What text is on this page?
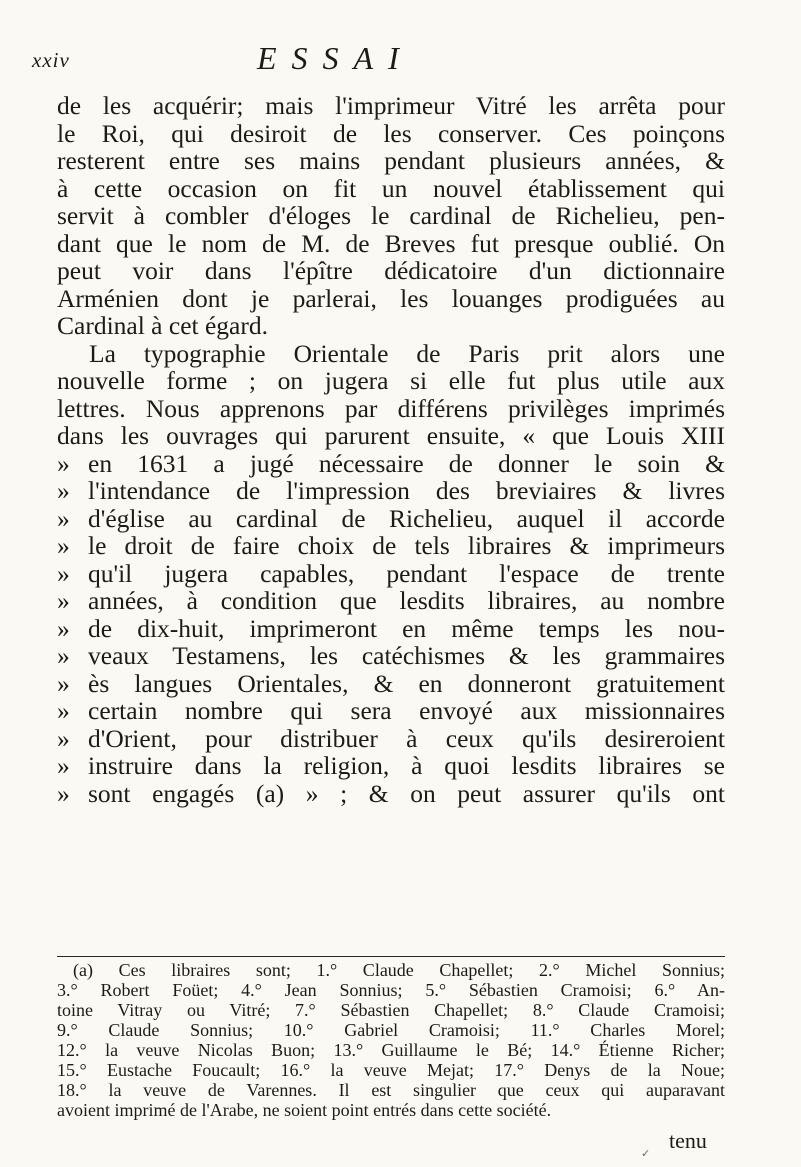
xxiv	ESSAI
de les acquérir; mais l'imprimeur Vitré les arrêta pour
le Roi, qui desiroit de les conserver. Ces poinçons
resterent entre ses mains pendant plusieurs années, &
à cette occasion on fit un nouvel établissement qui
servit à combler d'éloges le cardinal de Richelieu, pen-
dant que le nom de M. de Breves fut presque oublié. On
peut voir dans l'épître dédicatoire d'un dictionnaire
Arménien dont je parlerai, les louanges prodiguées au
Cardinal à cet égard.
La typographie Orientale de Paris prit alors une
nouvelle forme ; on jugera si elle fut plus utile aux
lettres. Nous apprenons par différens privilèges imprimés
dans les ouvrages qui parurent ensuite, « que Louis XIII
» en 1631 a jugé nécessaire de donner le soin &
» l'intendance de l'impression des breviaires & livres
» d'église au cardinal de Richelieu, auquel il accorde
» le droit de faire choix de tels libraires & imprimeurs
» qu'il jugera capables, pendant l'espace de trente
» années, à condition que lesdits libraires, au nombre
» de dix-huit, imprimeront en même temps les nou-
» veaux Testamens, les catéchismes & les grammaires
» ès langues Orientales, & en donneront gratuitement
» certain nombre qui sera envoyé aux missionnaires
» d'Orient, pour distribuer à ceux qu'ils desireroient
» instruire dans la religion, à quoi lesdits libraires se
» sont engagés (a) » ; & on peut assurer qu'ils ont
(a) Ces libraires sont; 1.° Claude Chapellet; 2.° Michel Sonnius;
3.° Robert Foüet; 4.° Jean Sonnius; 5.° Sébastien Cramoisi; 6.° An-
toine Vitray ou Vitré; 7.° Sébastien Chapellet; 8.° Claude Cramoisi;
9.° Claude Sonnius; 10.° Gabriel Cramoisi; 11.° Charles Morel;
12.° la veuve Nicolas Buon; 13.° Guillaume le Bé; 14.° Étienne Richer;
15.° Eustache Foucault; 16.° la veuve Mejat; 17.° Denys de la Noue;
18.° la veuve de Varennes. Il est singulier que ceux qui auparavant
avoient imprimé de l'Arabe, ne soient point entrés dans cette société.
tenu
✓
